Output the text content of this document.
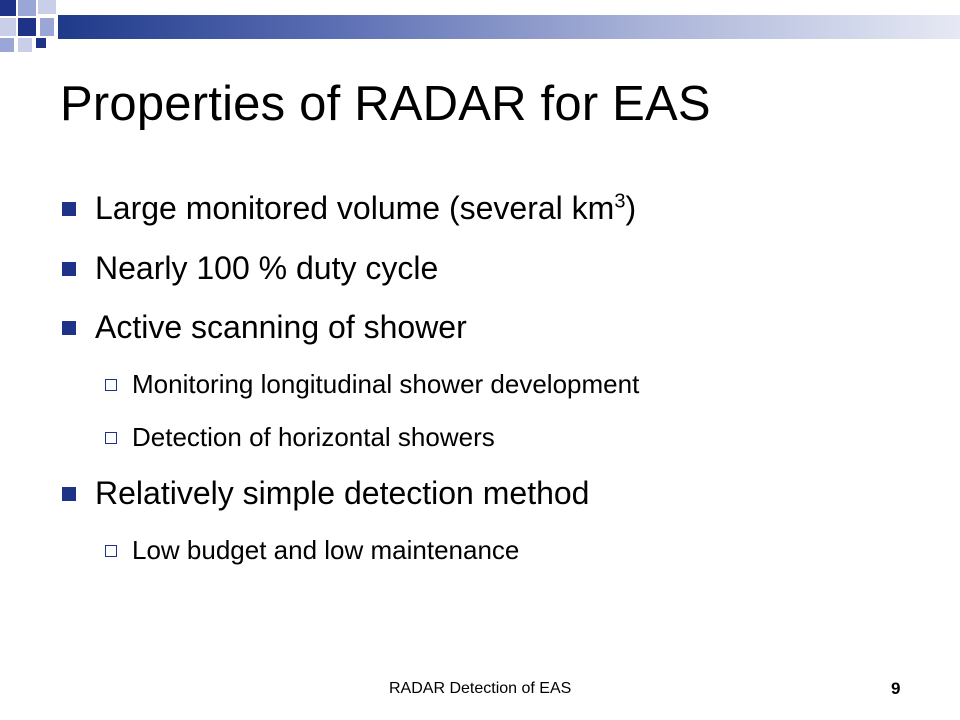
Properties of RADAR for EAS
Large monitored volume (several $km^3$)
Nearly 100 % duty cycle
Active scanning of shower
Monitoring longitudinal shower development
Detection of horizontal showers
Relatively simple detection method
Low budget and low maintenance
RADAR Detection of EAS	9
